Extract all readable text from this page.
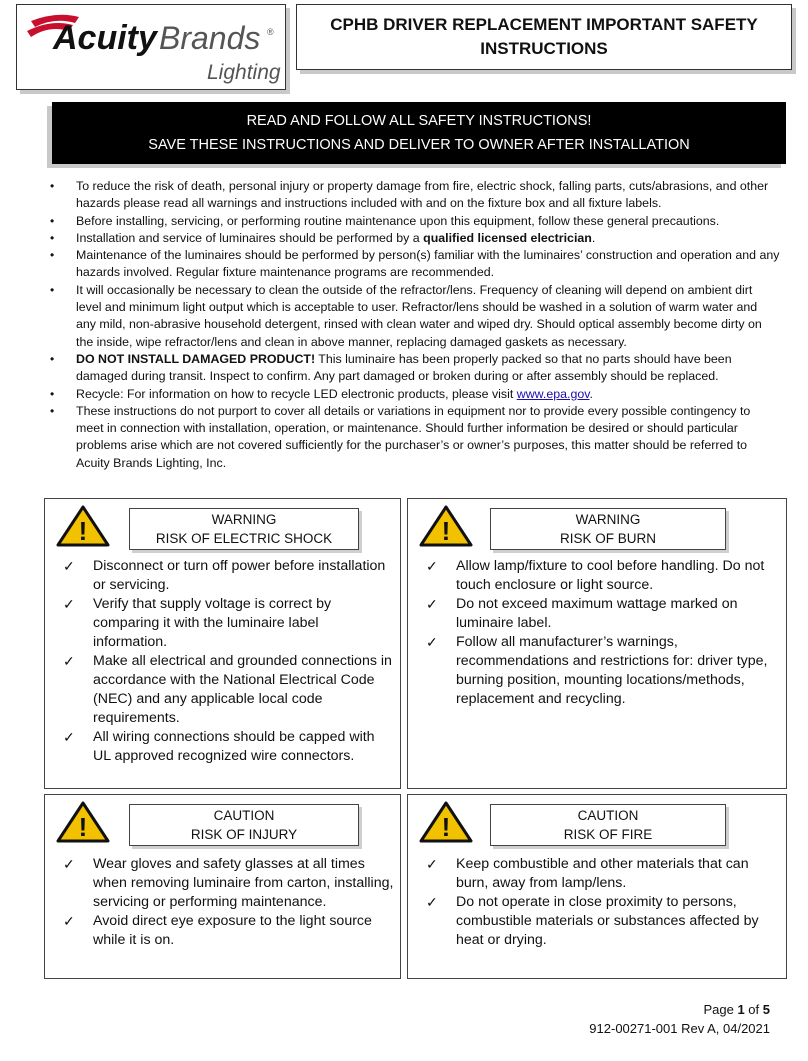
Acuity Brands ®
Lighting
CPHB DRIVER REPLACEMENT IMPORTANT SAFETY INSTRUCTIONS
READ AND FOLLOW ALL SAFETY INSTRUCTIONS!
SAVE THESE INSTRUCTIONS AND DELIVER TO OWNER AFTER INSTALLATION
• To reduce the risk of death, personal injury or property damage from fire, electric shock, falling parts, cuts/abrasions, and other hazards please read all warnings and instructions included with and on the fixture box and all fixture labels.
• Before installing, servicing, or performing routine maintenance upon this equipment, follow these general precautions.
• Installation and service of luminaires should be performed by a qualified licensed electrician.
• Maintenance of the luminaires should be performed by person(s) familiar with the luminaires’ construction and operation and any hazards involved. Regular fixture maintenance programs are recommended.
• It will occasionally be necessary to clean the outside of the refractor/lens. Frequency of cleaning will depend on ambient dirt level and minimum light output which is acceptable to user. Refractor/lens should be washed in a solution of warm water and any mild, non-abrasive household detergent, rinsed with clean water and wiped dry. Should optical assembly become dirty on the inside, wipe refractor/lens and clean in above manner, replacing damaged gaskets as necessary.
• DO NOT INSTALL DAMAGED PRODUCT! This luminaire has been properly packed so that no parts should have been damaged during transit. Inspect to confirm. Any part damaged or broken during or after assembly should be replaced.
• Recycle: For information on how to recycle LED electronic products, please visit www.epa.gov.
• These instructions do not purport to cover all details or variations in equipment nor to provide every possible contingency to meet in connection with installation, operation, or maintenance. Should further information be desired or should particular problems arise which are not covered sufficiently for the purchaser’s or owner’s purposes, this matter should be referred to Acuity Brands Lighting, Inc.
!	WARNING
RISK OF ELECTRIC SHOCK
✓ Disconnect or turn off power before installation or servicing.
✓ Verify that supply voltage is correct by comparing it with the luminaire label information.
✓ Make all electrical and grounded connections in accordance with the National Electrical Code (NEC) and any applicable local code requirements.
✓ All wiring connections should be capped with UL approved recognized wire connectors.
!	WARNING
RISK OF BURN
✓ Allow lamp/fixture to cool before handling. Do not touch enclosure or light source.
✓ Do not exceed maximum wattage marked on luminaire label.
✓ Follow all manufacturer’s warnings, recommendations and restrictions for: driver type, burning position, mounting locations/methods, replacement and recycling.
!	CAUTION
RISK OF INJURY
✓ Wear gloves and safety glasses at all times when removing luminaire from carton, installing, servicing or performing maintenance.
✓ Avoid direct eye exposure to the light source while it is on.
!	CAUTION
RISK OF FIRE
✓ Keep combustible and other materials that can burn, away from lamp/lens.
✓ Do not operate in close proximity to persons, combustible materials or substances affected by heat or drying.
Page 1 of 5
912-00271-001 Rev A, 04/2021
